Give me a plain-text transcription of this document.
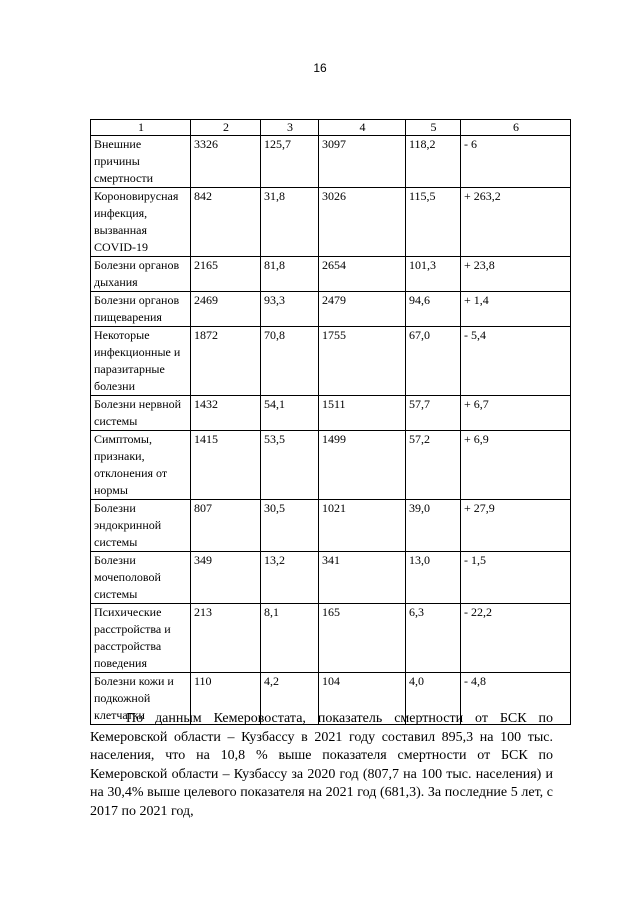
16
1	2	3	4	5	6
Внешние причины смертности	3326	125,7	3097	118,2	- 6
Короновирусная инфекция, вызванная COVID-19	842	31,8	3026	115,5	+ 263,2
Болезни органов дыхания	2165	81,8	2654	101,3	+ 23,8
Болезни органов пищеварения	2469	93,3	2479	94,6	+ 1,4
Некоторые инфекционные и паразитарные болезни	1872	70,8	1755	67,0	- 5,4
Болезни нервной системы	1432	54,1	1511	57,7	+ 6,7
Симптомы, признаки, отклонения от нормы	1415	53,5	1499	57,2	+ 6,9
Болезни эндокринной системы	807	30,5	1021	39,0	+ 27,9
Болезни мочеполовой системы	349	13,2	341	13,0	- 1,5
Психические расстройства и расстройства поведения	213	8,1	165	6,3	- 22,2
Болезни кожи и подкожной клетчатки	110	4,2	104	4,0	- 4,8

По данным Кемеровостата, показатель смертности от БСК по Кемеровской области – Кузбассу в 2021 году составил 895,3 на 100 тыс. населения, что на 10,8 % выше показателя смертности от БСК по Кемеровской области – Кузбассу за 2020 год (807,7 на 100 тыс. населения) и на 30,4% выше целевого показателя на 2021 год (681,3). За последние 5 лет, с 2017 по 2021 год,
